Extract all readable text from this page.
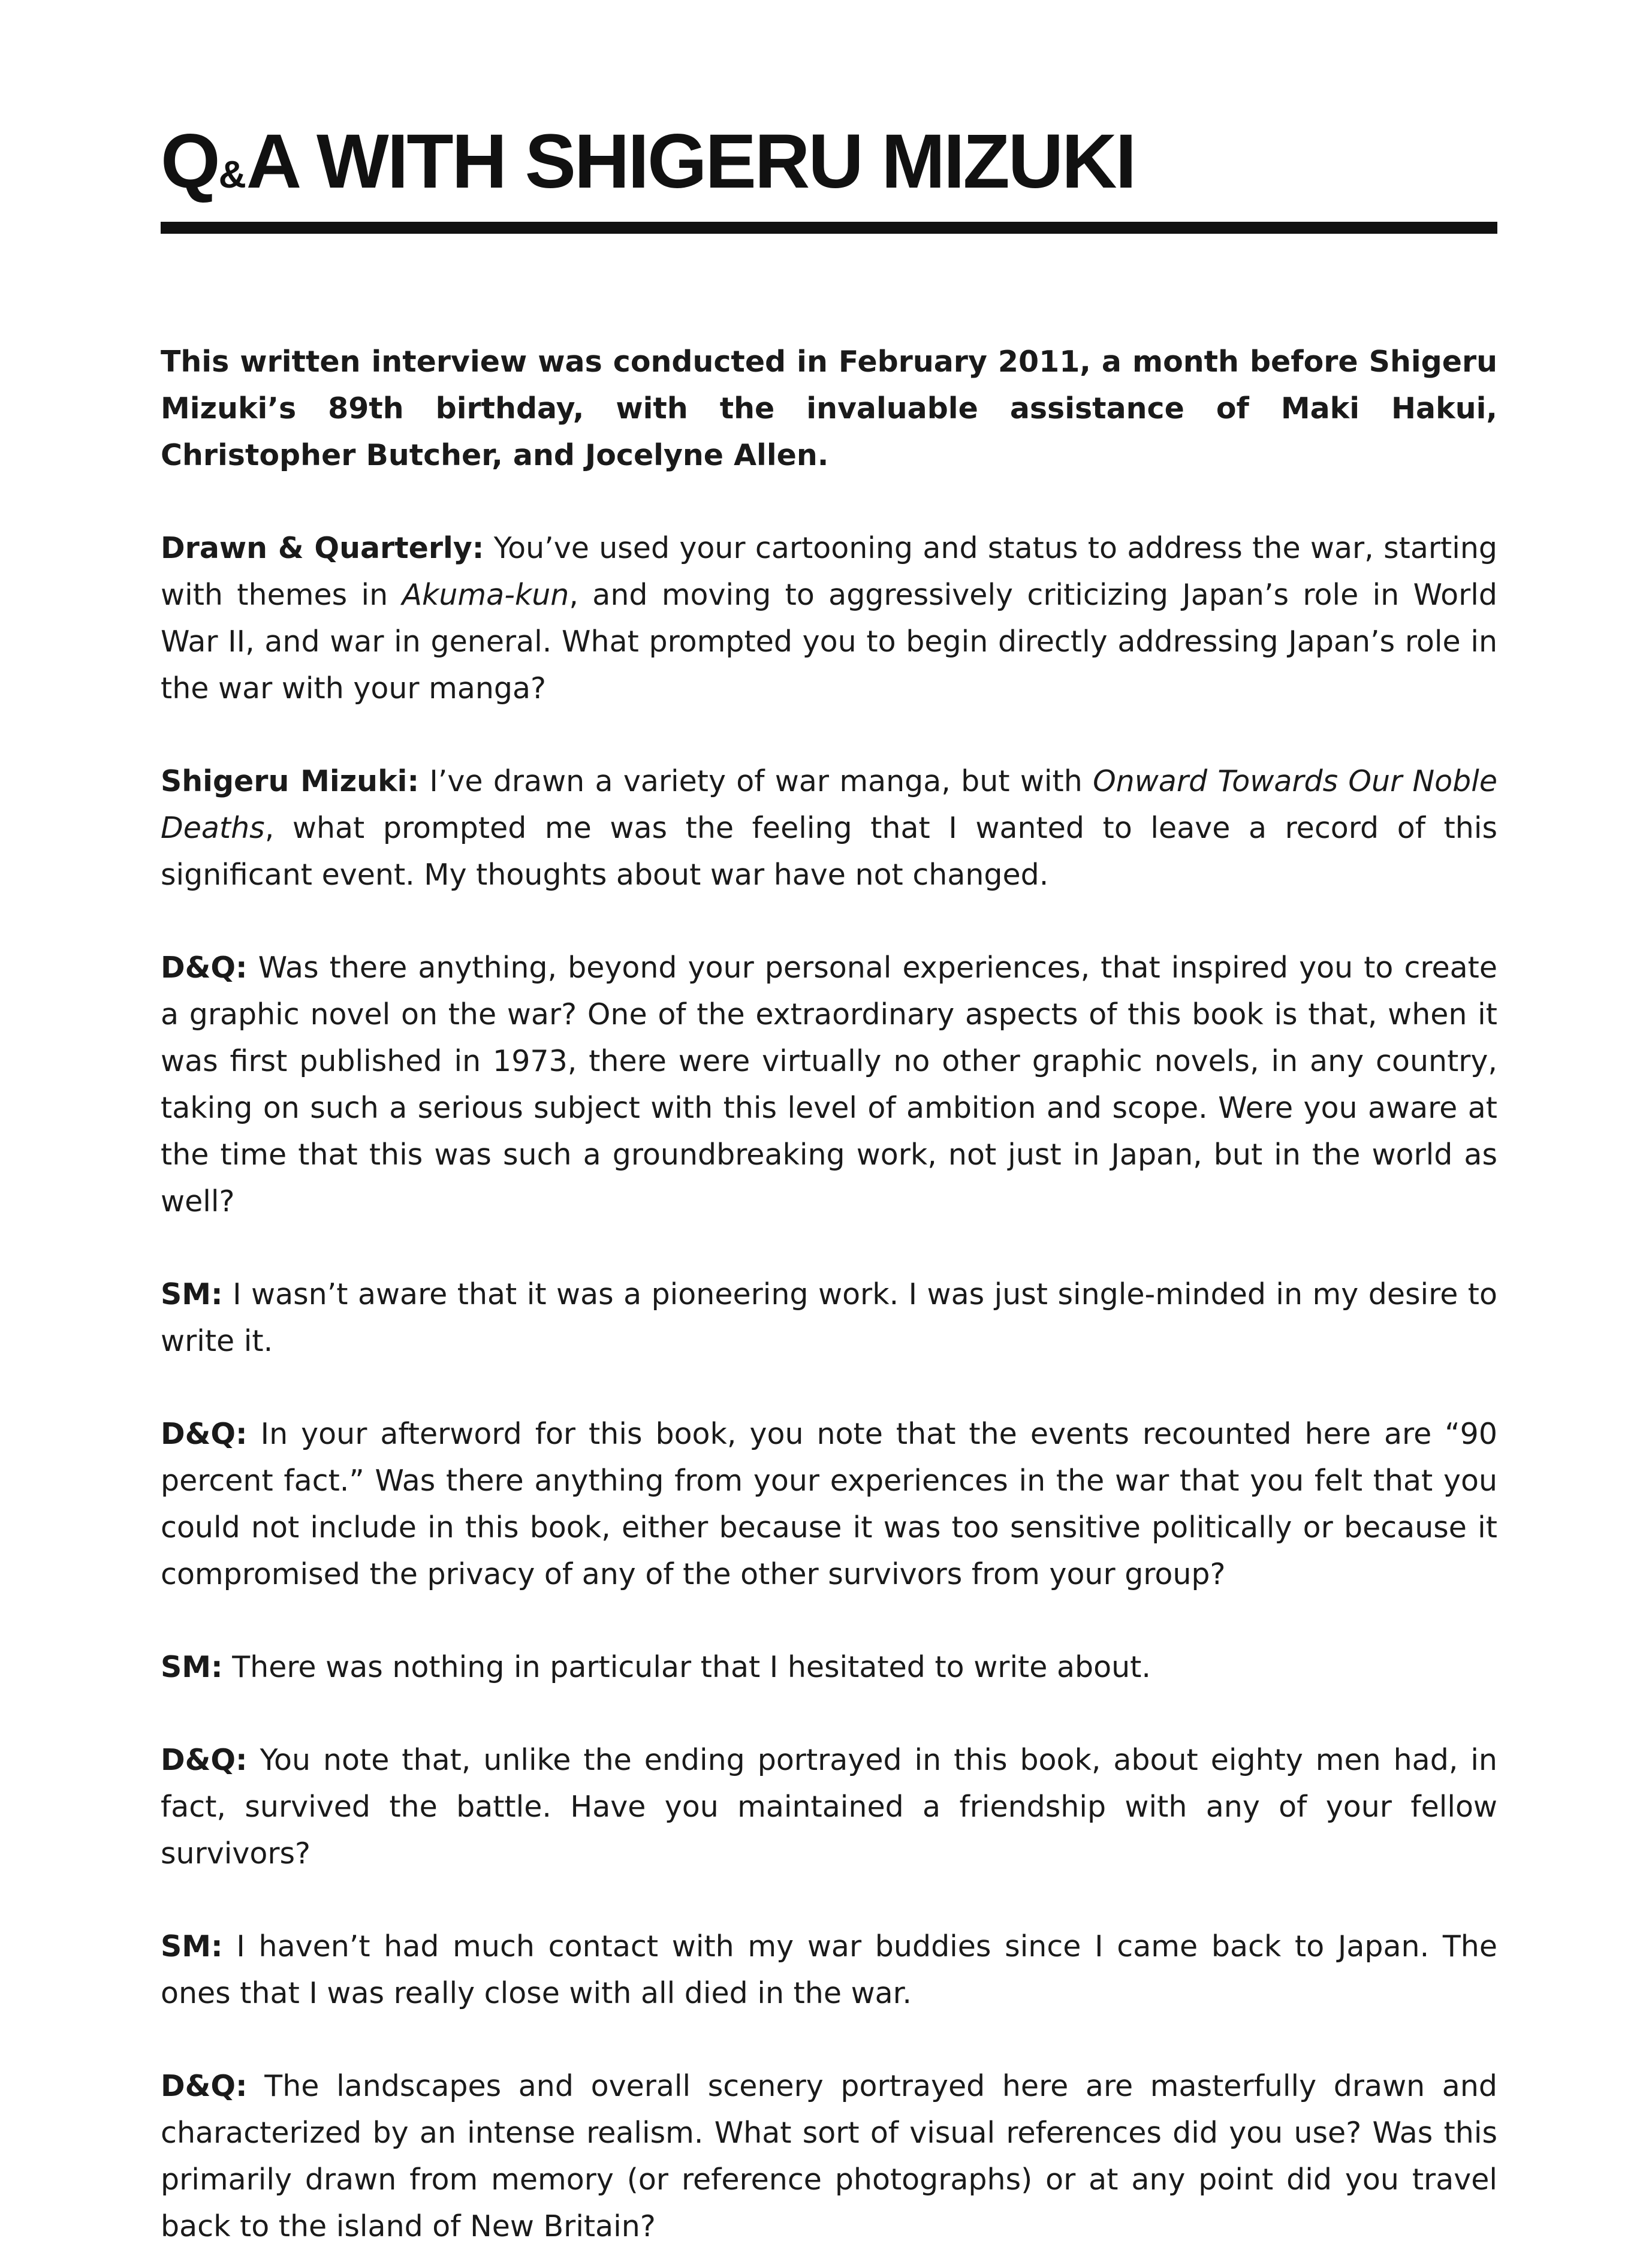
Q&A WITH SHIGERU MIZUKI

This written interview was conducted in February 2011, a month before Shigeru Mizuki’s 89th birthday, with the invaluable assistance of Maki Hakui, Christopher Butcher, and Jocelyne Allen.

Drawn & Quarterly: You’ve used your cartooning and status to address the war, starting with themes in Akuma-kun, and moving to aggressively criticizing Japan’s role in World War II, and war in general. What prompted you to begin directly addressing Japan’s role in the war with your manga?

Shigeru Mizuki: I’ve drawn a variety of war manga, but with Onward Towards Our Noble Deaths, what prompted me was the feeling that I wanted to leave a record of this significant event. My thoughts about war have not changed.

D&Q: Was there anything, beyond your personal experiences, that inspired you to create a graphic novel on the war? One of the extraordinary aspects of this book is that, when it was first published in 1973, there were virtually no other graphic novels, in any country, taking on such a serious subject with this level of ambition and scope. Were you aware at the time that this was such a groundbreaking work, not just in Japan, but in the world as well?

SM: I wasn’t aware that it was a pioneering work. I was just single-minded in my desire to write it.

D&Q: In your afterword for this book, you note that the events recounted here are “90 percent fact.” Was there anything from your experiences in the war that you felt that you could not include in this book, either because it was too sensitive politically or because it compromised the privacy of any of the other survivors from your group?

SM: There was nothing in particular that I hesitated to write about.

D&Q: You note that, unlike the ending portrayed in this book, about eighty men had, in fact, survived the battle. Have you maintained a friendship with any of your fellow survivors?

SM: I haven’t had much contact with my war buddies since I came back to Japan. The ones that I was really close with all died in the war.

D&Q: The landscapes and overall scenery portrayed here are masterfully drawn and characterized by an intense realism. What sort of visual references did you use? Was this primarily drawn from memory (or reference photographs) or at any point did you travel back to the island of New Britain?
